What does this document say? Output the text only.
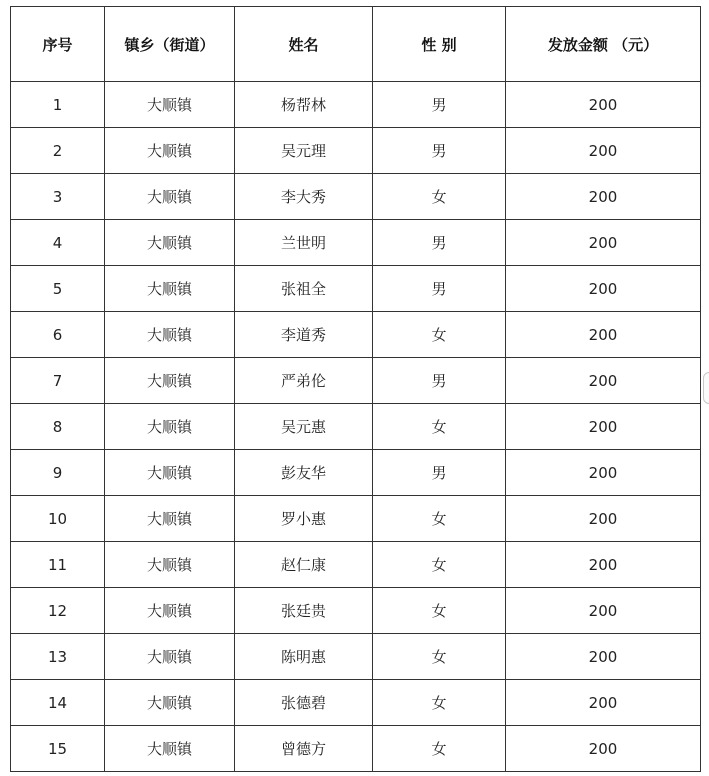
序号	镇乡（街道）	姓名	性 别	发放金额 （元）
1	大顺镇	杨帮林	男	200
2	大顺镇	吴元理	男	200
3	大顺镇	李大秀	女	200
4	大顺镇	兰世明	男	200
5	大顺镇	张祖全	男	200
6	大顺镇	李道秀	女	200
7	大顺镇	严弟伦	男	200
8	大顺镇	吴元惠	女	200
9	大顺镇	彭友华	男	200
10	大顺镇	罗小惠	女	200
11	大顺镇	赵仁康	女	200
12	大顺镇	张廷贵	女	200
13	大顺镇	陈明惠	女	200
14	大顺镇	张德碧	女	200
15	大顺镇	曾德方	女	200
